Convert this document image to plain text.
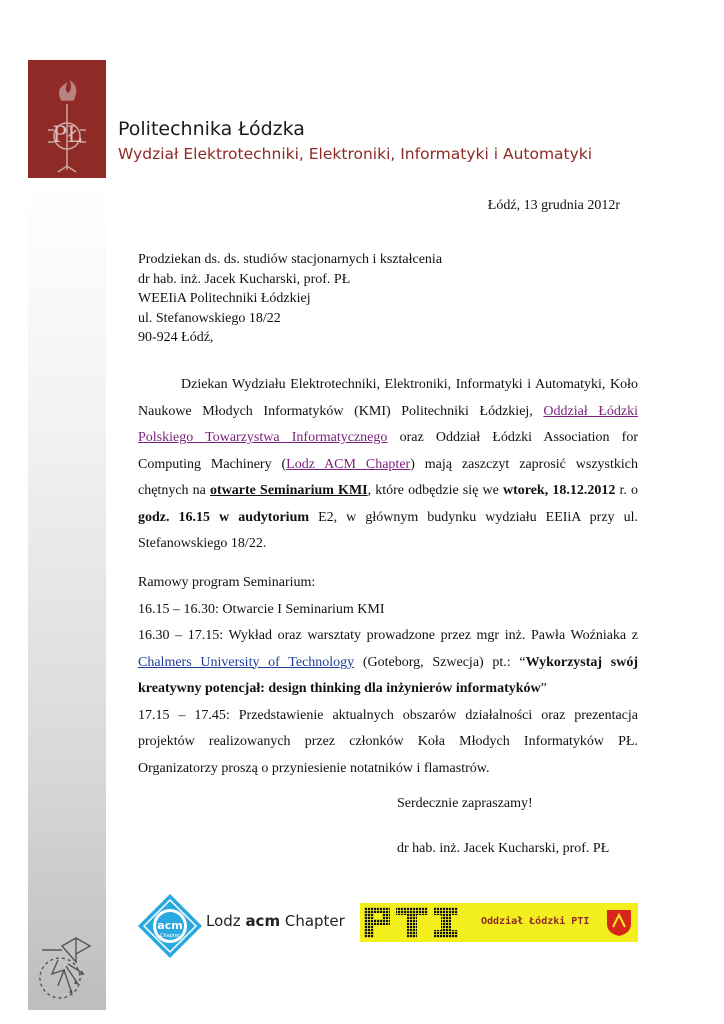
PŁ Politechnika Łódzka
Wydział Elektrotechniki, Elektroniki, Informatyki i Automatyki
Łódź, 13 grudnia 2012r
Prodziekan ds. ds. studiów stacjonarnych i kształcenia
dr hab. inż. Jacek Kucharski, prof. PŁ
WEEIiA Politechniki Łódzkiej
ul. Stefanowskiego 18/22
90-924 Łódź,

Dziekan Wydziału Elektrotechniki, Elektroniki, Informatyki i Automatyki, Koło Naukowe Młodych Informatyków (KMI) Politechniki Łódzkiej, Oddział Łódzki Polskiego Towarzystwa Informatycznego oraz Oddział Łódzki Association for Computing Machinery (Lodz ACM Chapter) mają zaszczyt zaprosić wszystkich chętnych na otwarte Seminarium KMI, które odbędzie się we wtorek, 18.12.2012 r. o godz. 16.15 w audytorium E2, w głównym budynku wydziału EEIiA przy ul. Stefanowskiego 18/22.

Ramowy program Seminarium:

16.15 – 16.30: Otwarcie I Seminarium KMI

16.30 – 17.15: Wykład oraz warsztaty prowadzone przez mgr inż. Pawła Woźniaka z Chalmers University of Technology (Goteborg, Szwecja) pt.: “Wykorzystaj swój kreatywny potencjał: design thinking dla inżynierów informatyków”

17.15 – 17.45: Przedstawienie aktualnych obszarów działalności oraz prezentacja projektów realizowanych przez członków Koła Młodych Informatyków PŁ. Organizatorzy proszą o przyniesienie notatników i flamastrów.

Serdecznie zapraszamy!
dr hab. inż. Jacek Kucharski, prof. PŁ
acm
Chapter
Lodz acm Chapter
PTI
Oddział Łódzki PTI
